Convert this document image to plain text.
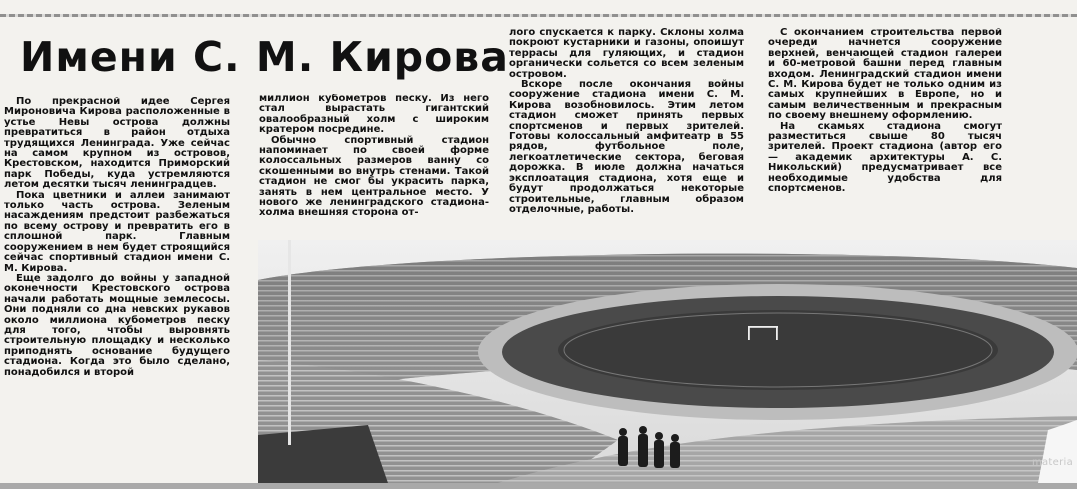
Имени С. М. Кирова

По прекрасной идее Сергея Мироновича Кирова расположенные в устье Невы острова должны превратиться в район отдыха трудящихся Ленинграда. Уже сейчас на самом крупном из островов, Крестовском, находится Приморский парк Победы, куда устремляются летом десятки тысяч ленинградцев.

Пока цветники и аллеи занимают только часть острова. Зеленым насаждениям предстоит разбежаться по всему острову и превратить его в сплошной парк. Главным сооружением в нем будет строящийся сейчас спортивный стадион имени С. М. Кирова.

Еще задолго до войны у западной оконечности Крестовского острова начали работать мощные землесосы. Они подняли со дна невских рукавов около миллиона кубометров песку для того, чтобы выровнять строительную площадку и несколько приподнять основание будущего стадиона. Когда это было сделано, понадобился и второй

миллион кубометров песку. Из него стал вырастать гигантский овалообразный холм с широким кратером посредине.

Обычно спортивный стадион напоминает по своей форме колоссальных размеров ванну со скошенными во внутрь стенами. Такой стадион не смог бы украсить парка, занять в нем центральное место. У нового же ленинградского стадиона-холма внешняя сторона от-

лого спускается к парку. Склоны холма покроют кустарники и газоны, опоишут террасы для гуляющих, и стадион органически сольется со всем зеленым островом.

Вскоре после окончания войны сооружение стадиона имени С. М. Кирова возобновилось. Этим летом стадион сможет принять первых спортсменов и первых зрителей. Готовы колоссальный амфитеатр в 55 рядов, футбольное поле, легкоатлетические сектора, беговая дорожка. В июле должна начаться эксплоатация стадиона, хотя еще и будут продолжаться некоторые строительные, главным образом отделочные, работы.

С окончанием строительства первой очереди начнется сооружение верхней, венчающей стадион галереи и 60-метровой башни перед главным входом. Ленинградский стадион имени С. М. Кирова будет не только одним из самых крупнейших в Европе, но и самым величественным и прекрасным по своему внешнему оформлению.

На скамьях стадиона смогут разместиться свыше 80 тысяч зрителей. Проект стадиона (автор его — академик архитектуры А. С. Никольский) предусматривает все необходимые удобства для спортсменов.

materia
